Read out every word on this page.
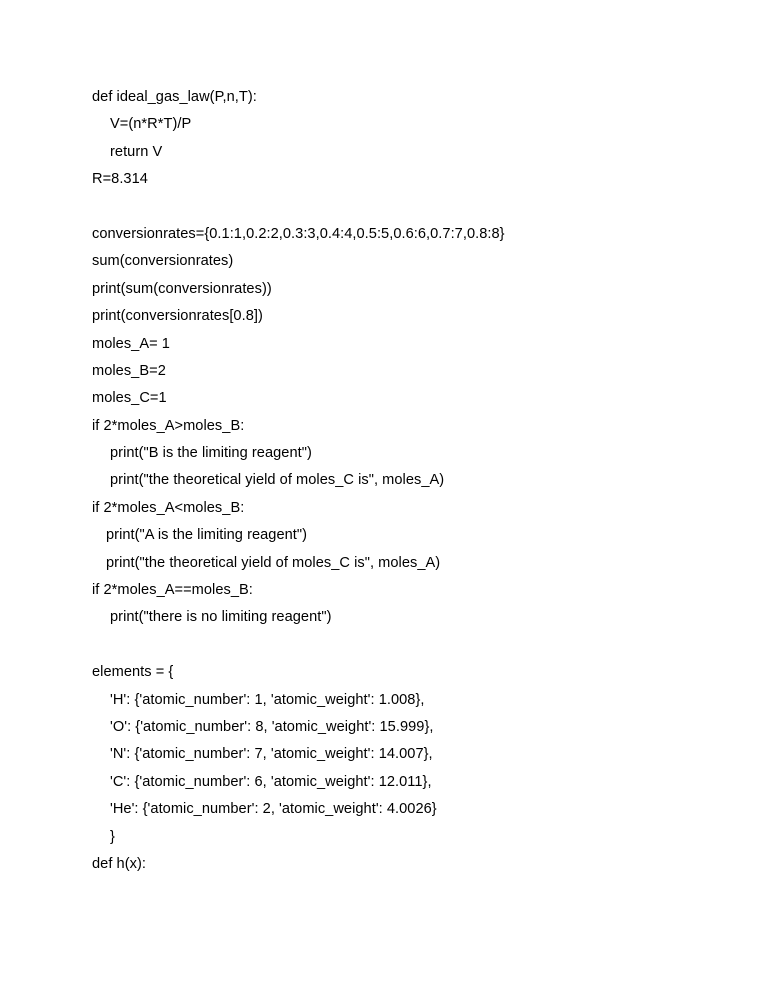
def ideal_gas_law(P,n,T):
V=(n*R*T)/P
return V
R=8.314
conversionrates={0.1:1,0.2:2,0.3:3,0.4:4,0.5:5,0.6:6,0.7:7,0.8:8}
sum(conversionrates)
print(sum(conversionrates))
print(conversionrates[0.8])
moles_A= 1
moles_B=2
moles_C=1
if 2*moles_A>moles_B:
print("B is the limiting reagent")
print("the theoretical yield of moles_C is", moles_A)
if 2*moles_A<moles_B:
print("A is the limiting reagent")
print("the theoretical yield of moles_C is", moles_A)
if 2*moles_A==moles_B:
print("there is no limiting reagent")
elements = {
'H': {'atomic_number': 1, 'atomic_weight': 1.008},
'O': {'atomic_number': 8, 'atomic_weight': 15.999},
'N': {'atomic_number': 7, 'atomic_weight': 14.007},
'C': {'atomic_number': 6, 'atomic_weight': 12.011},
'He': {'atomic_number': 2, 'atomic_weight': 4.0026}
}
def h(x):
